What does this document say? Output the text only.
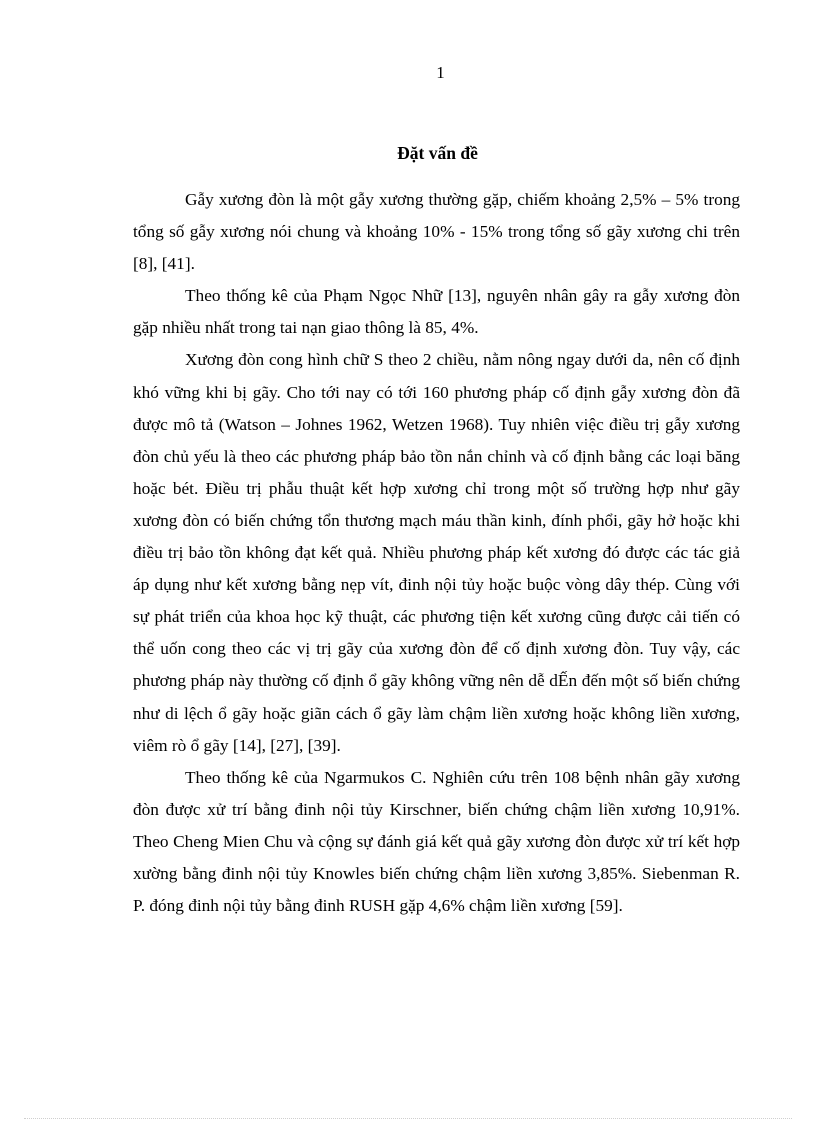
1
Đặt vấn đề

Gẫy xương đòn là một gẫy xương thường gặp, chiếm khoảng 2,5% – 5% trong tổng số gẫy xương nói chung và khoảng 10% - 15% trong tổng số gãy xương chi trên [8], [41].

Theo thống kê của Phạm Ngọc Nhữ [13], nguyên nhân gây ra gẫy xương đòn gặp nhiều nhất trong tai nạn giao thông là 85, 4%.

Xương đòn cong hình chữ S theo 2 chiều, nằm nông ngay dưới da, nên cố định khó vững khi bị gãy. Cho tới nay có tới 160 phương pháp cố định gẫy xương đòn đã được mô tả (Watson – Johnes 1962, Wetzen 1968). Tuy nhiên việc điều trị gẫy xương đòn chủ yếu là theo các phương pháp bảo tồn nắn chỉnh và cố định bằng các loại băng hoặc bét. Điều trị phẫu thuật kết hợp xương chỉ trong một số trường hợp như gãy xương đòn có biến chứng tổn thương mạch máu thần kinh, đính phổi, gãy hở hoặc khi điều trị bảo tồn không đạt kết quả. Nhiều phương pháp kết xương đó được các tác giả áp dụng như kết xương bằng nẹp vít, đinh nội tủy hoặc buộc vòng dây thép. Cùng với sự phát triển của khoa học kỹ thuật, các phương tiện kết xương cũng được cải tiến có thể uốn cong theo các vị trị gãy của xương đòn để cố định xương đòn. Tuy vậy, các phương pháp này thường cố định ổ gãy không vững nên dễ dẾn đến một số biến chứng như di lệch ổ gãy hoặc giãn cách ổ gãy làm chậm liền xương hoặc không liền xương, viêm rò ổ gãy [14], [27], [39].

Theo thống kê của Ngarmukos C. Nghiên cứu trên 108 bệnh nhân gãy xương đòn được xử trí bằng đinh nội tủy Kirschner, biến chứng chậm liền xương 10,91%. Theo Cheng Mien Chu và cộng sự đánh giá kết quả gãy xương đòn được xử trí kết hợp xường bằng đinh nội tủy Knowles biến chứng chậm liền xương 3,85%. Siebenman R. P. đóng đinh nội tủy bằng đinh RUSH gặp 4,6% chậm liền xương [59].
